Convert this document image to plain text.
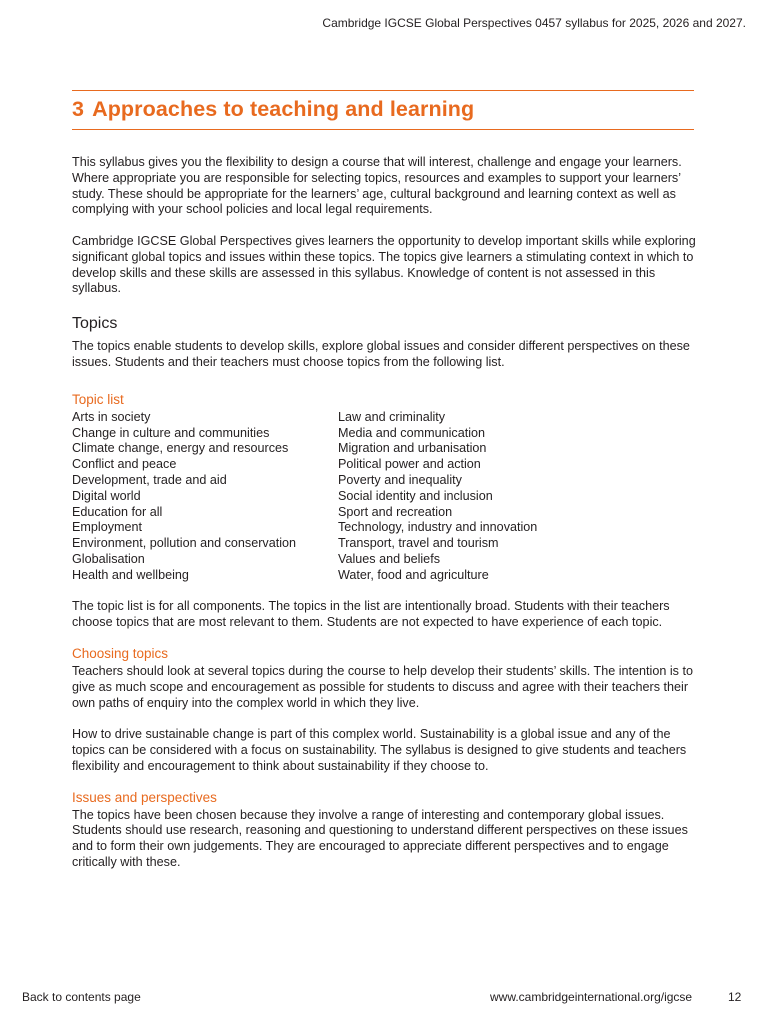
Cambridge IGCSE Global Perspectives 0457 syllabus for 2025, 2026 and 2027.
3 Approaches to teaching and learning

This syllabus gives you the flexibility to design a course that will interest, challenge and engage your learners. Where appropriate you are responsible for selecting topics, resources and examples to support your learners’ study. These should be appropriate for the learners’ age, cultural background and learning context as well as complying with your school policies and local legal requirements.

Cambridge IGCSE Global Perspectives gives learners the opportunity to develop important skills while exploring significant global topics and issues within these topics. The topics give learners a stimulating context in which to develop skills and these skills are assessed in this syllabus. Knowledge of content is not assessed in this syllabus.

Topics

The topics enable students to develop skills, explore global issues and consider different perspectives on these issues. Students and their teachers must choose topics from the following list.

Topic list
Arts in society
Change in culture and communities
Climate change, energy and resources
Conflict and peace
Development, trade and aid
Digital world
Education for all
Employment
Environment, pollution and conservation
Globalisation
Health and wellbeing
Law and criminality
Media and communication
Migration and urbanisation
Political power and action
Poverty and inequality
Social identity and inclusion
Sport and recreation
Technology, industry and innovation
Transport, travel and tourism
Values and beliefs
Water, food and agriculture

The topic list is for all components. The topics in the list are intentionally broad. Students with their teachers choose topics that are most relevant to them. Students are not expected to have experience of each topic.

Choosing topics

Teachers should look at several topics during the course to help develop their students’ skills. The intention is to give as much scope and encouragement as possible for students to discuss and agree with their teachers their own paths of enquiry into the complex world in which they live.

How to drive sustainable change is part of this complex world. Sustainability is a global issue and any of the topics can be considered with a focus on sustainability. The syllabus is designed to give students and teachers flexibility and encouragement to think about sustainability if they choose to.

Issues and perspectives

The topics have been chosen because they involve a range of interesting and contemporary global issues. Students should use research, reasoning and questioning to understand different perspectives on these issues and to form their own judgements. They are encouraged to appreciate different perspectives and to engage critically with these.

Back to contents page	www.cambridgeinternational.org/igcse	12
